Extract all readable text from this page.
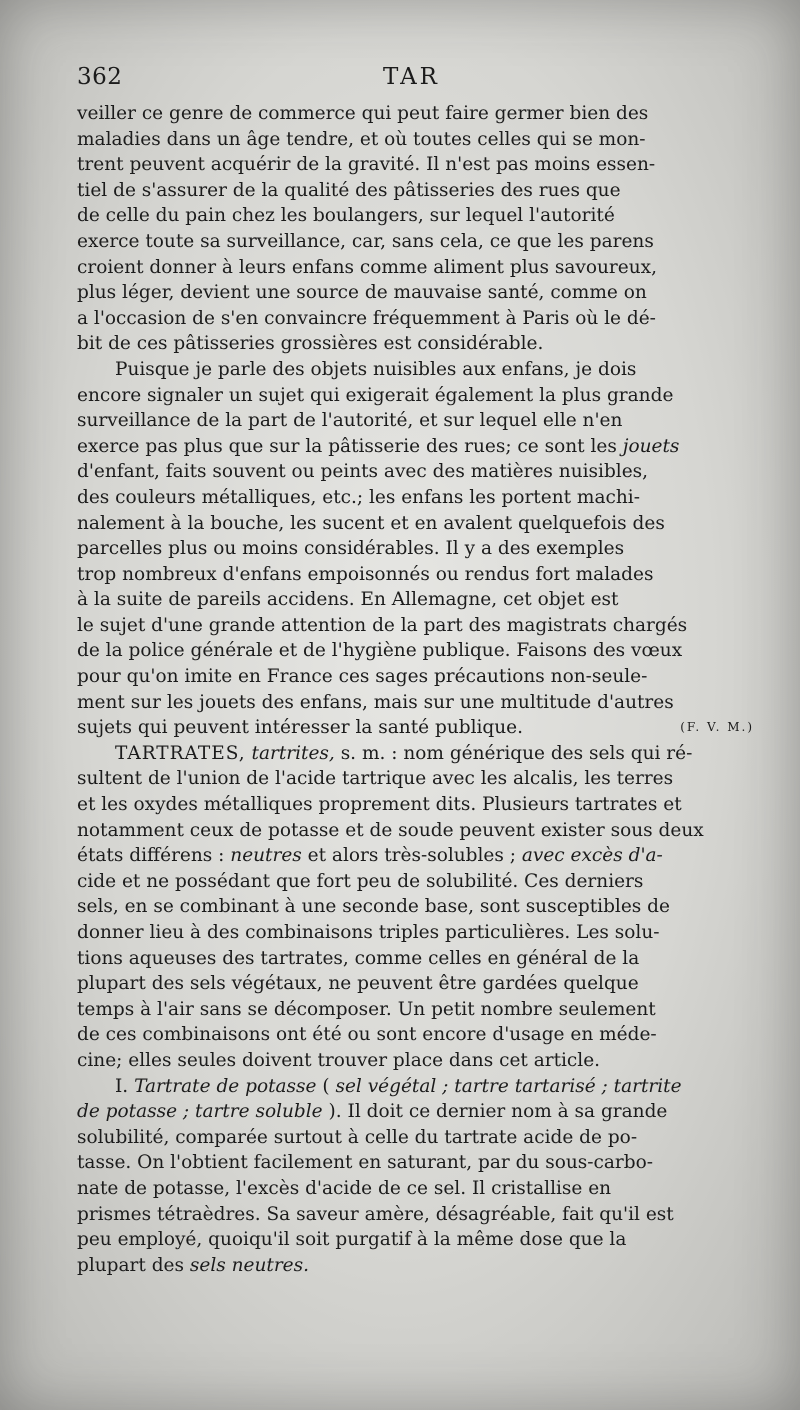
362	TAR
veiller ce genre de commerce qui peut faire germer bien des
maladies dans un âge tendre, et où toutes celles qui se mon-
trent peuvent acquérir de la gravité. Il n'est pas moins essen-
tiel de s'assurer de la qualité des pâtisseries des rues que
de celle du pain chez les boulangers, sur lequel l'autorité
exerce toute sa surveillance, car, sans cela, ce que les parens
croient donner à leurs enfans comme aliment plus savoureux,
plus léger, devient une source de mauvaise santé, comme on
a l'occasion de s'en convaincre fréquemment à Paris où le dé-
bit de ces pâtisseries grossières est considérable.
Puisque je parle des objets nuisibles aux enfans, je dois
encore signaler un sujet qui exigerait également la plus grande
surveillance de la part de l'autorité, et sur lequel elle n'en
exerce pas plus que sur la pâtisserie des rues; ce sont les jouets
d'enfant, faits souvent ou peints avec des matières nuisibles,
des couleurs métalliques, etc.; les enfans les portent machi-
nalement à la bouche, les sucent et en avalent quelquefois des
parcelles plus ou moins considérables. Il y a des exemples
trop nombreux d'enfans empoisonnés ou rendus fort malades
à la suite de pareils accidens. En Allemagne, cet objet est
le sujet d'une grande attention de la part des magistrats chargés
de la police générale et de l'hygiène publique. Faisons des vœux
pour qu'on imite en France ces sages précautions non-seule-
ment sur les jouets des enfans, mais sur une multitude d'autres
sujets qui peuvent intéresser la santé publique.	(F. V. M.)
TARTRATES, tartrites, s. m. : nom générique des sels qui ré-
sultent de l'union de l'acide tartrique avec les alcalis, les terres
et les oxydes métalliques proprement dits. Plusieurs tartrates et
notamment ceux de potasse et de soude peuvent exister sous deux
états différens : neutres et alors très-solubles ; avec excès d'a-
cide et ne possédant que fort peu de solubilité. Ces derniers
sels, en se combinant à une seconde base, sont susceptibles de
donner lieu à des combinaisons triples particulières. Les solu-
tions aqueuses des tartrates, comme celles en général de la
plupart des sels végétaux, ne peuvent être gardées quelque
temps à l'air sans se décomposer. Un petit nombre seulement
de ces combinaisons ont été ou sont encore d'usage en méde-
cine; elles seules doivent trouver place dans cet article.
I. Tartrate de potasse ( sel végétal ; tartre tartarisé ; tartrite
de potasse ; tartre soluble ). Il doit ce dernier nom à sa grande
solubilité, comparée surtout à celle du tartrate acide de po-
tasse. On l'obtient facilement en saturant, par du sous-carbo-
nate de potasse, l'excès d'acide de ce sel. Il cristallise en
prismes tétraèdres. Sa saveur amère, désagréable, fait qu'il est
peu employé, quoiqu'il soit purgatif à la même dose que la
plupart des sels neutres.
